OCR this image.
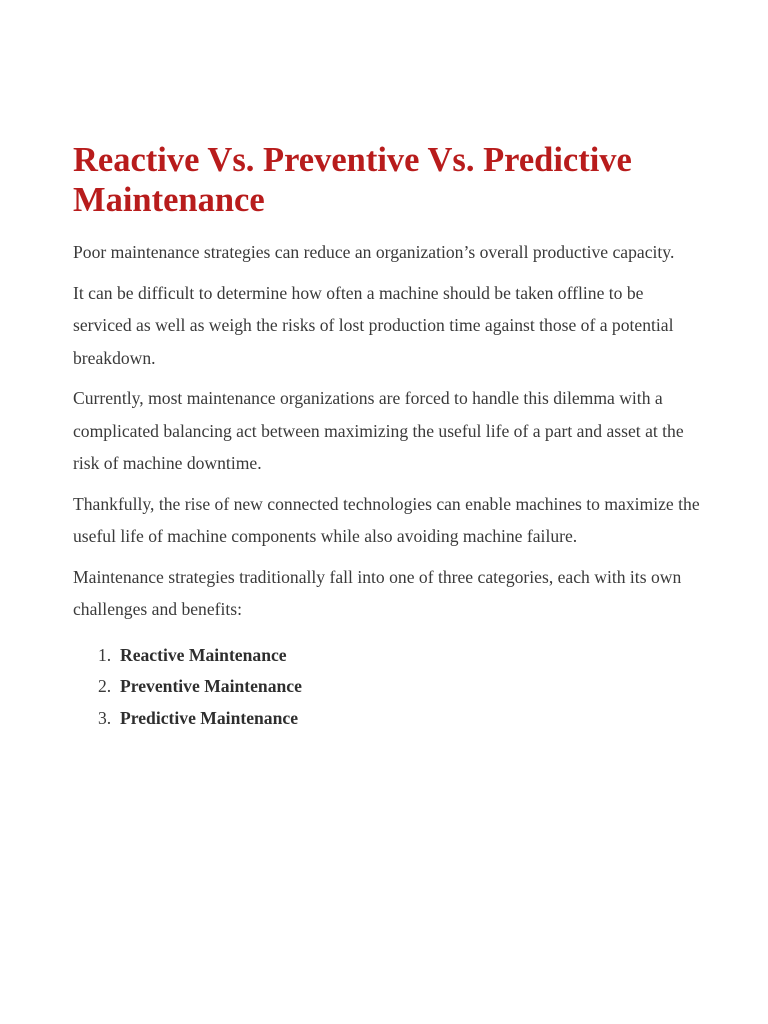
Reactive Vs. Preventive Vs. Predictive Maintenance

Poor maintenance strategies can reduce an organization’s overall productive capacity.

It can be difficult to determine how often a machine should be taken offline to be serviced as well as weigh the risks of lost production time against those of a potential breakdown.

Currently, most maintenance organizations are forced to handle this dilemma with a complicated balancing act between maximizing the useful life of a part and asset at the risk of machine downtime.

Thankfully, the rise of new connected technologies can enable machines to maximize the useful life of machine components while also avoiding machine failure.

Maintenance strategies traditionally fall into one of three categories, each with its own challenges and benefits:

1. Reactive Maintenance
2. Preventive Maintenance
3. Predictive Maintenance
